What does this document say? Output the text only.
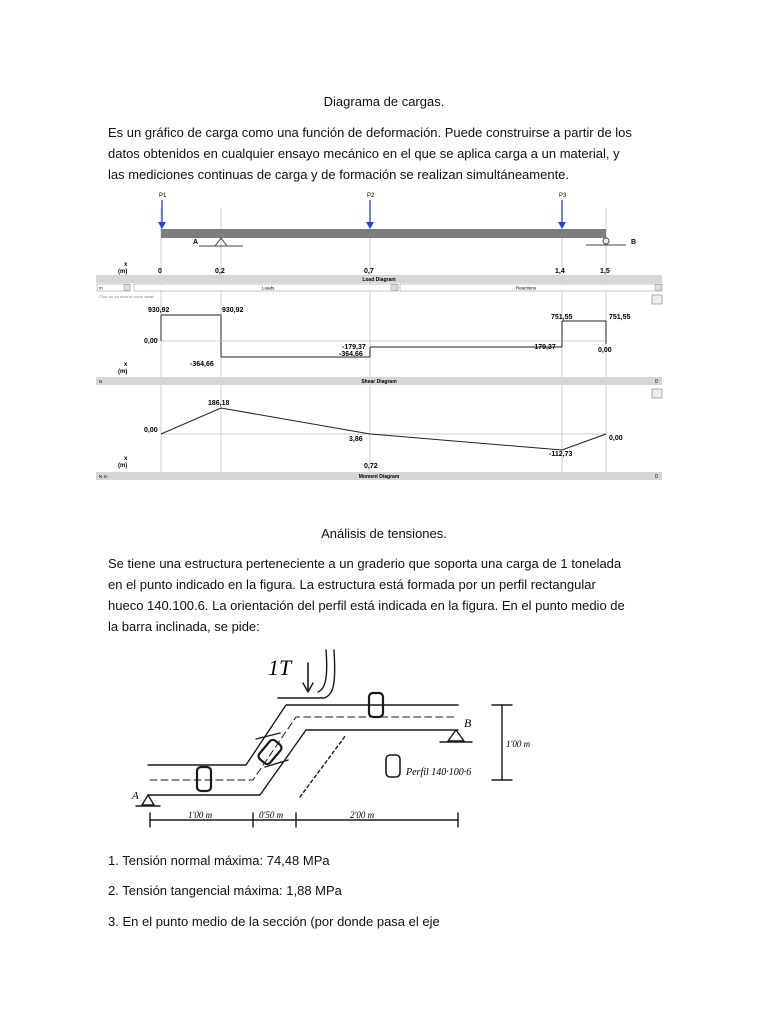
Diagrama de cargas.
Es un gráfico de carga como una función de deformación. Puede construirse a partir de los
datos obtenidos en cualquier ensayo mecánico en el que se aplica carga a un material, y
las mediciones continuas de carga y de formación se realizan simultáneamente.
P1	P2	P3
A	B
x
(m)	0	0,2	0,7	1,4	1,5
Load Diagram
m	Loads	Reactions
Click on an area to move detail
930,92	930,92
0,00
-364,66
-179,37
-364,66
-179,37
751,55	751,55
0,00
x
(m)
Shear Diagram
N	0
186,18
0,00
3,86
-112,73
0,00
x
(m)	0,72
Moment Diagram
N·m	0
Análisis de tensiones.
Se tiene una estructura perteneciente a un graderio que soporta una carga de 1 tonelada
en el punto indicado en la figura. La estructura está formada por un perfil rectangular
hueco 140.100.6. La orientación del perfil está indicada en la figura. En el punto medio de
la barra inclinada, se pide:
1T
A
B
1'00 m
1'00 m	0'50 m	2'00 m
Perfil 140·100·6
1. Tensión normal máxima: 74,48 MPa
2. Tensión tangencial máxima: 1,88 MPa
3. En el punto medio de la sección (por donde pasa el eje
